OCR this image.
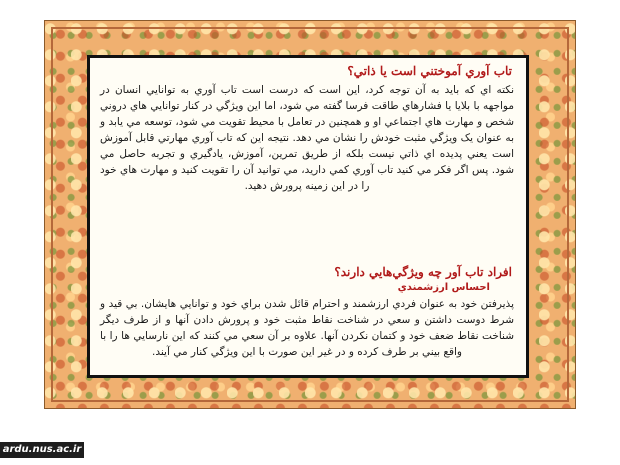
تاب آوري آموختني است يا ذاتي؟

نکته اي که بايد به آن توجه کرد، اين است که درست است تاب آوري به توانايي انسان در مواجهه با بلايا يا فشارهاي طاقت فرسا گفته مي شود، اما اين ويژگي در کنار توانايي هاي دروني شخص و مهارت هاي اجتماعي او و همچنين در تعامل با محيط تقويت مي شود، توسعه مي يابد و به عنوان يک ويژگي مثبت خودش را نشان مي دهد. نتيجه اين که تاب آوري مهارتي قابل آموزش است يعني پديده اي ذاتي نيست بلکه از طريق تمرين، آموزش، يادگيري و تجربه حاصل مي شود. پس اگر فکر مي کنيد تاب آوري کمي داريد، مي توانيد آن را تقويت کنيد و مهارت هاي خود را در اين زمينه پرورش دهيد.

افراد تاب آور چه ويژگي‌هايي دارند؟
احساس ارزشمندي

پذيرفتن خود به عنوان فردي ارزشمند و احترام قائل شدن براي خود و توانايي هايشان. بي قيد و شرط دوست داشتن و سعي در شناخت نقاط مثبت خود و پرورش دادن آنها و از طرف ديگر شناخت نقاط ضعف خود و کتمان نکردن آنها. علاوه بر آن سعي مي کنند که اين نارسايي ها را با واقع بيني بر طرف کرده و در غير اين صورت با اين ويژگي کنار مي آيند.

ardu.nus.ac.ir
